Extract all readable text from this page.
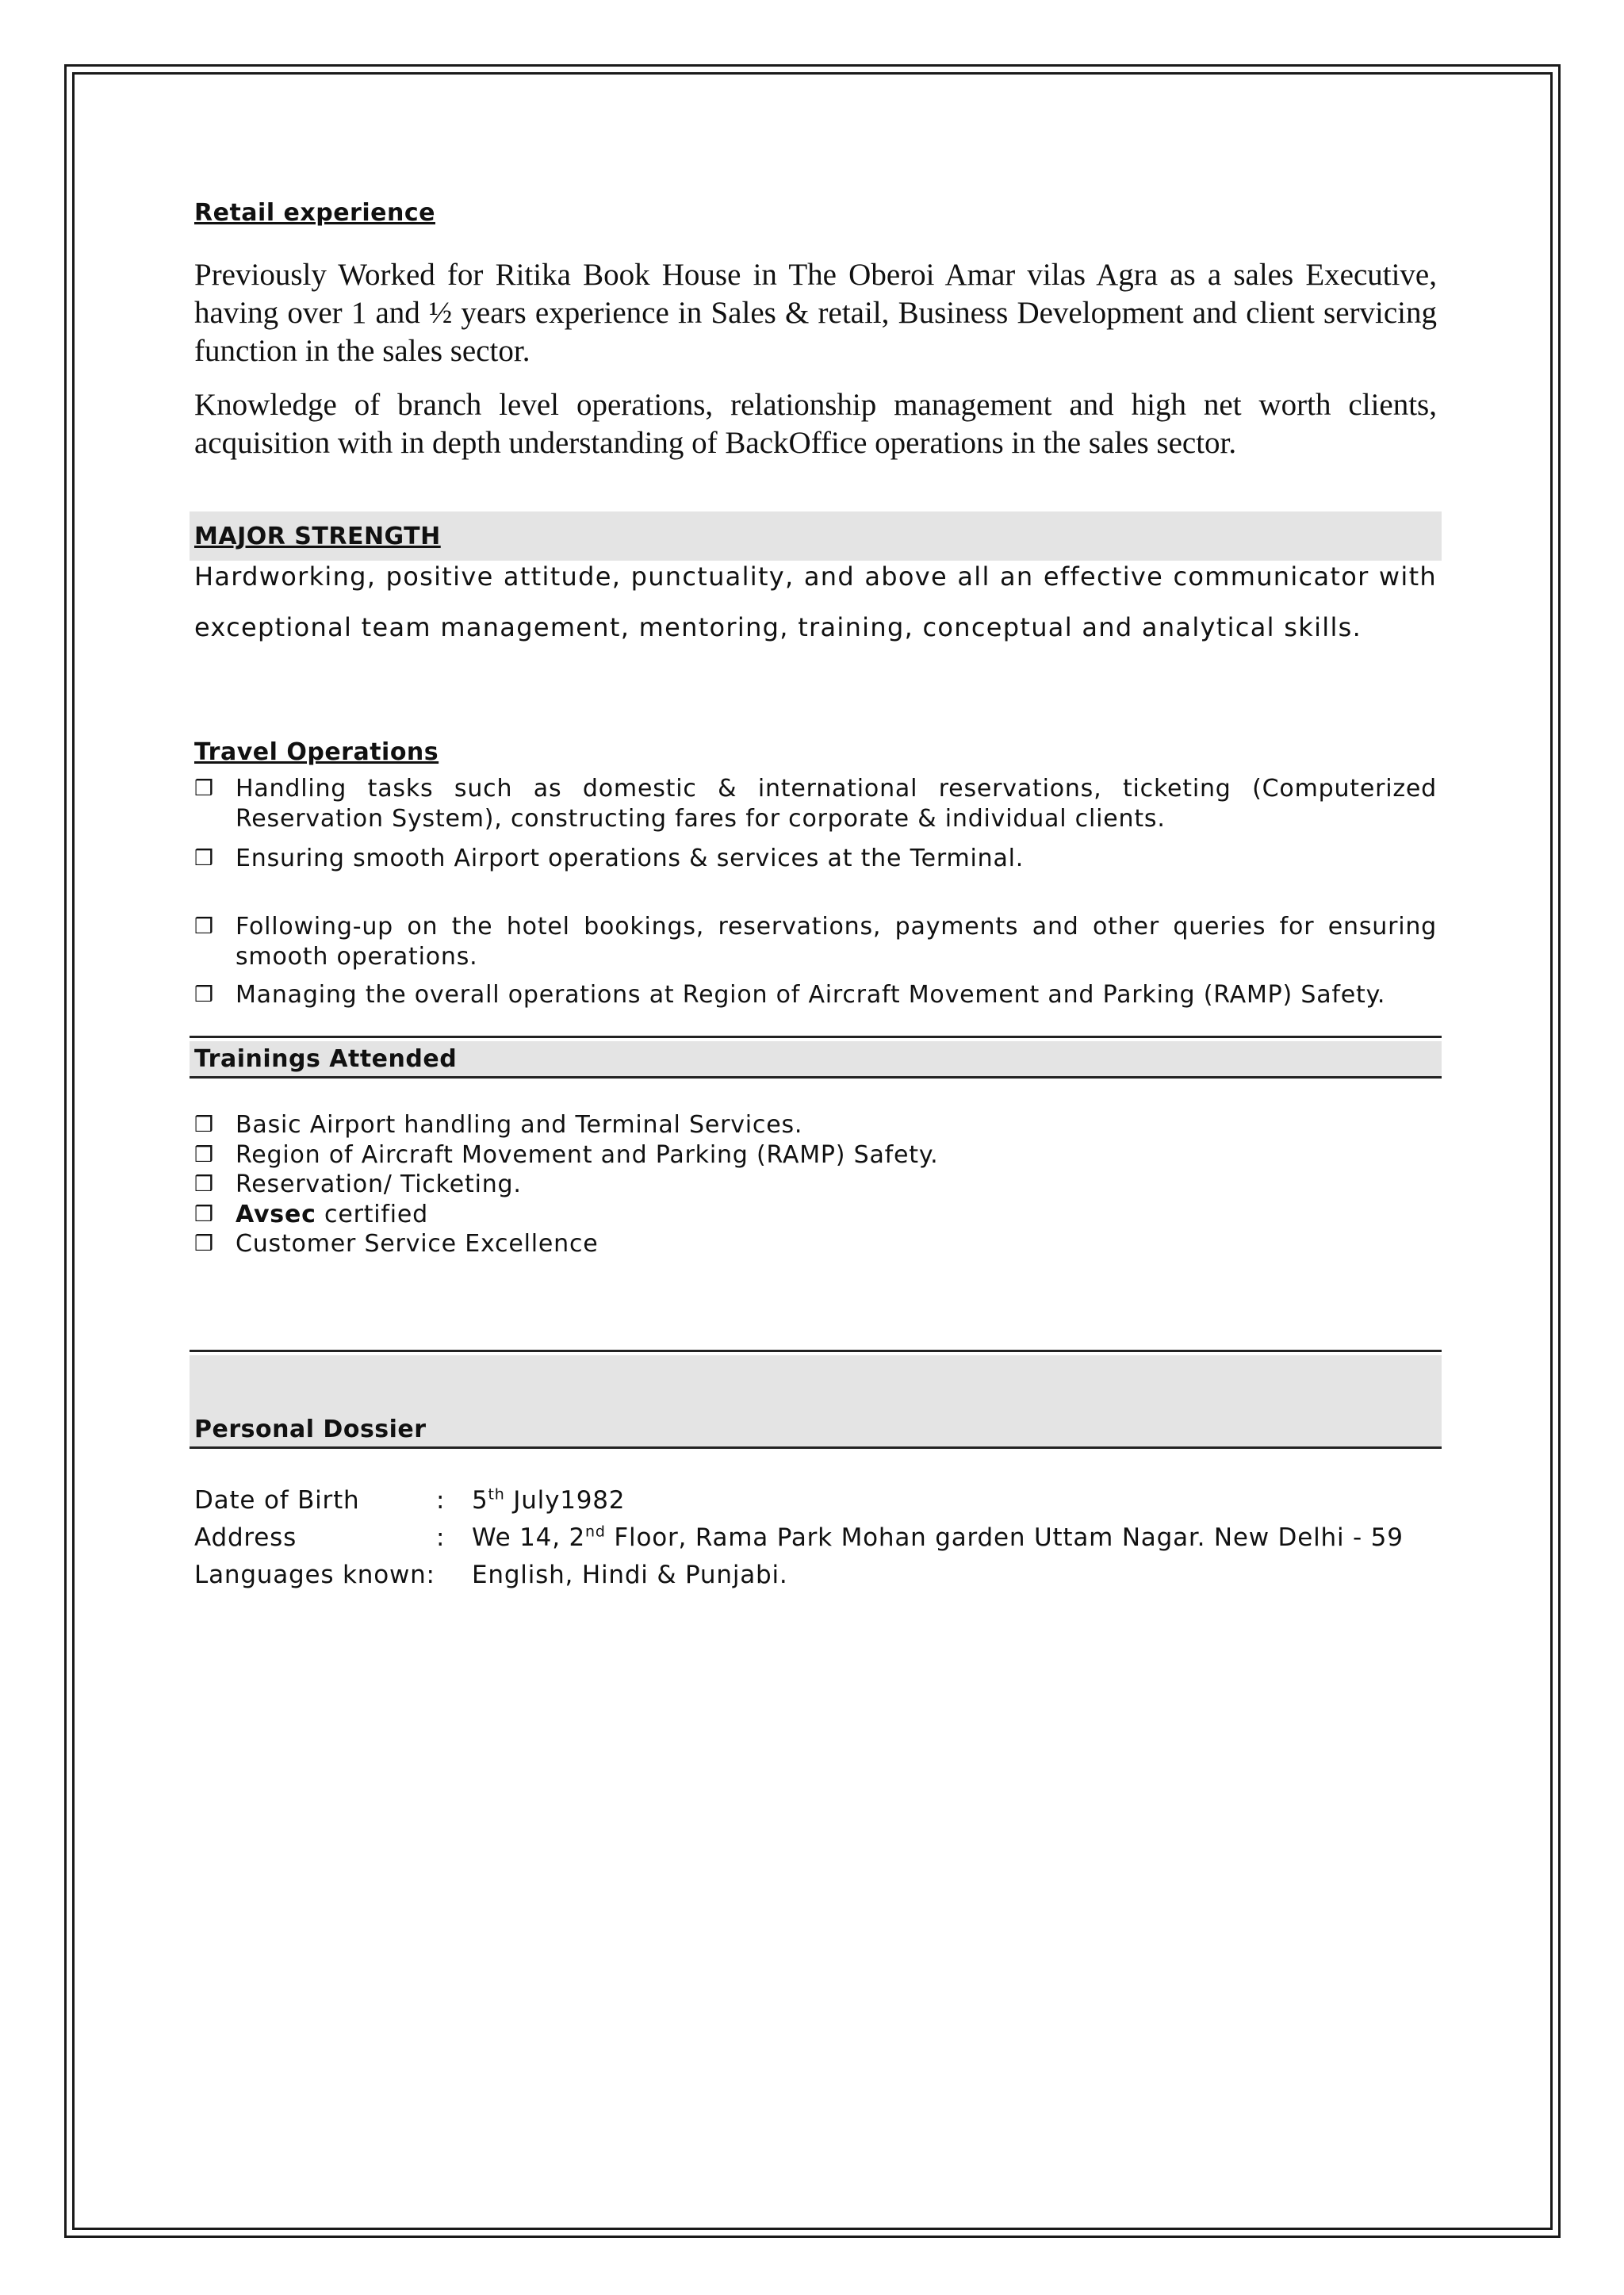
Retail experience

Previously Worked for Ritika Book House in The Oberoi Amar vilas Agra as a sales Executive, having over 1 and ½ years experience in Sales & retail, Business Development and client servicing function in the sales sector.

Knowledge of branch level operations, relationship management and high net worth clients, acquisition with in depth understanding of BackOffice operations in the sales sector.

MAJOR STRENGTH

Hardworking, positive attitude, punctuality, and above all an effective communicator with exceptional team management, mentoring, training, conceptual and analytical skills.

Travel Operations
❒ Handling tasks such as domestic & international reservations, ticketing (Computerized Reservation System), constructing fares for corporate & individual clients.
❒ Ensuring smooth Airport operations & services at the Terminal.
❒ Following-up on the hotel bookings, reservations, payments and other queries for ensuring smooth operations.
❒ Managing the overall operations at Region of Aircraft Movement and Parking (RAMP) Safety.
Trainings Attended
❒ Basic Airport handling and Terminal Services.
❒ Region of Aircraft Movement and Parking (RAMP) Safety.
❒ Reservation/ Ticketing.
❒ Avsec certified
❒ Customer Service Excellence
Personal Dossier
Date of Birth	: 5th July1982
Address	: We 14, 2nd Floor, Rama Park Mohan garden Uttam Nagar. New Delhi - 59
Languages known: English, Hindi & Punjabi.
